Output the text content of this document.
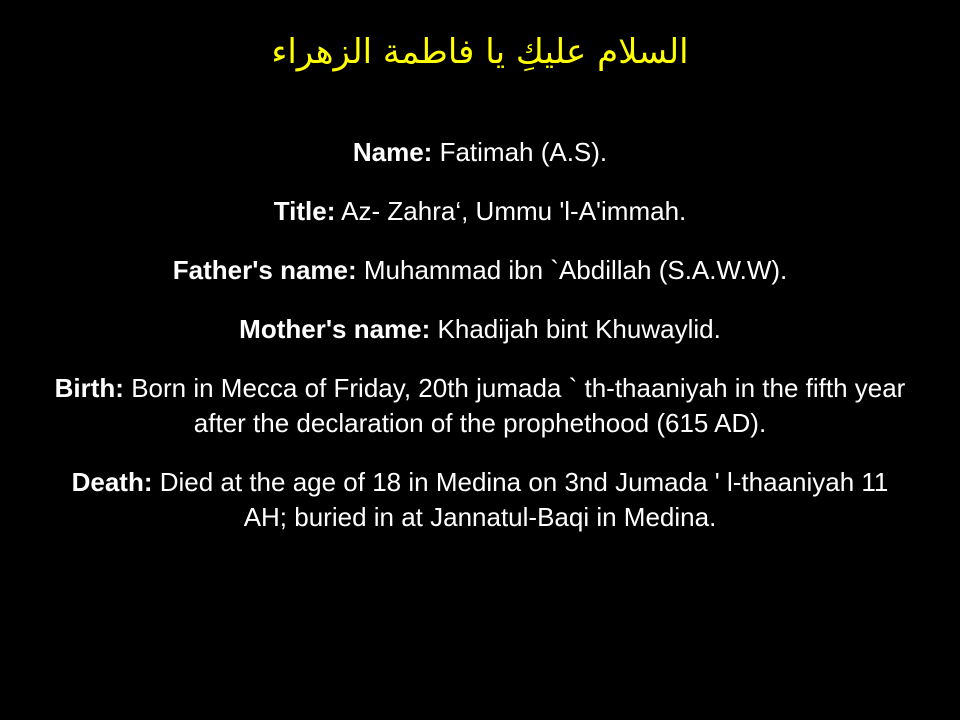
السلام عليكِ يا فاطمة الزهراء

Name: Fatimah (A.S).

Title: Az- Zahra‘, Ummu 'l-A'immah.

Father's name: Muhammad ibn `Abdillah (S.A.W.W).

Mother's name: Khadijah bint Khuwaylid.

Birth: Born in Mecca of Friday, 20th jumada ` th-thaaniyah in the fifth year after the declaration of the prophethood (615 AD).

Death: Died at the age of 18 in Medina on 3nd Jumada ' l-thaaniyah 11 AH; buried in at Jannatul-Baqi in Medina.
